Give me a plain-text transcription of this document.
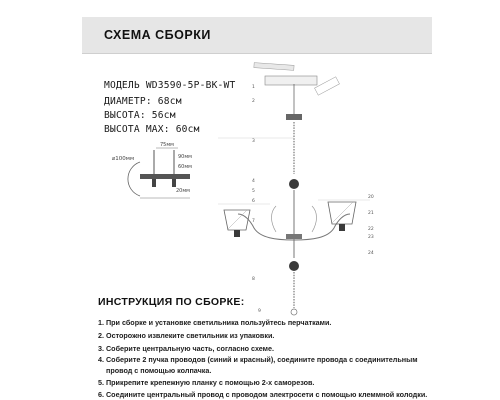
СХЕМА СБОРКИ
МОДЕЛЬ WD3590-5P-BK-WT
ДИАМЕТР: 68см
ВЫСОТА: 56см
ВЫСОТА MAX: 60см
⌀100мм
75мм
90мм
60мм
20мм
1
2
3
4
5
6
7
8
9
20
21
22
23
24
ИНСТРУКЦИЯ ПО СБОРКЕ:
1. При сборке и установке светильника пользуйтесь перчатками.
2. Осторожно извлеките светильник из упаковки.
3. Соберите центральную часть, согласно схеме.
4. Соберите 2 пучка проводов (синий и красный), соедините провода с соединительным
провод с помощью колпачка.
5. Прикрепите крепежную планку с помощью 2-х саморезов.
6. Соедините центральный провод с проводом электросети с помощью клеммной колодки.
